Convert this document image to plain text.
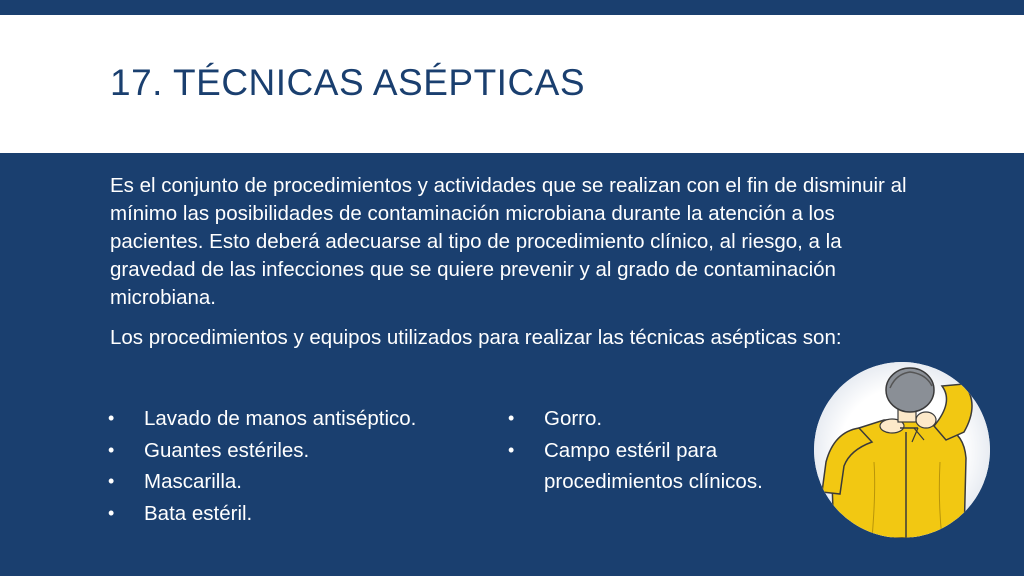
17. TÉCNICAS ASÉPTICAS

Es el conjunto de procedimientos y actividades que se realizan con el fin de disminuir al mínimo las posibilidades de contaminación microbiana durante la atención a los pacientes. Esto deberá adecuarse al tipo de procedimiento clínico, al riesgo, a la gravedad de las infecciones que se quiere prevenir y al grado de contaminación microbiana.

Los procedimientos y equipos utilizados para realizar las técnicas asépticas son:

• Lavado de manos antiséptico.
• Guantes estériles.
• Mascarilla.
• Bata estéril.
• Gorro.
• Campo estéril para procedimientos clínicos.
